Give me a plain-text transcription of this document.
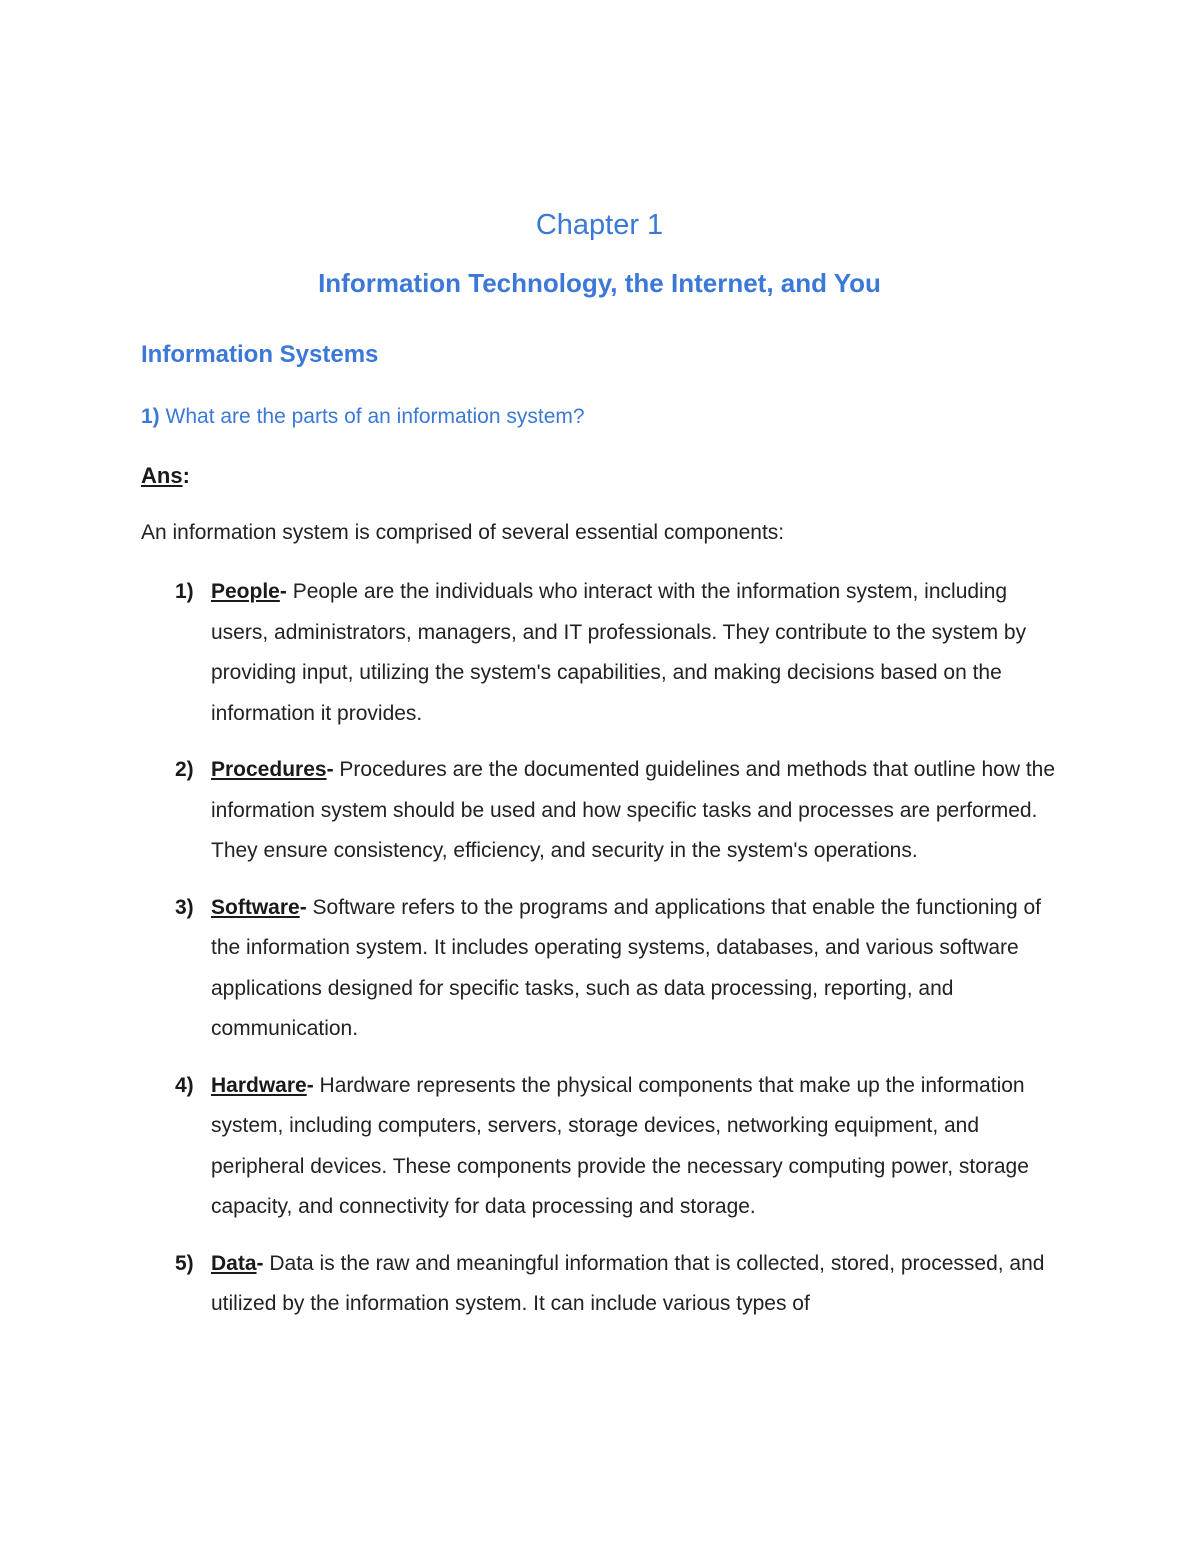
Chapter 1
Information Technology, the Internet, and You
Information Systems
1) What are the parts of an information system?
Ans:
An information system is comprised of several essential components:
1) People- People are the individuals who interact with the information system, including users, administrators, managers, and IT professionals. They contribute to the system by providing input, utilizing the system's capabilities, and making decisions based on the information it provides.
2) Procedures- Procedures are the documented guidelines and methods that outline how the information system should be used and how specific tasks and processes are performed. They ensure consistency, efficiency, and security in the system's operations.
3) Software- Software refers to the programs and applications that enable the functioning of the information system. It includes operating systems, databases, and various software applications designed for specific tasks, such as data processing, reporting, and communication.
4) Hardware- Hardware represents the physical components that make up the information system, including computers, servers, storage devices, networking equipment, and peripheral devices. These components provide the necessary computing power, storage capacity, and connectivity for data processing and storage.
5) Data- Data is the raw and meaningful information that is collected, stored, processed, and utilized by the information system. It can include various types of
